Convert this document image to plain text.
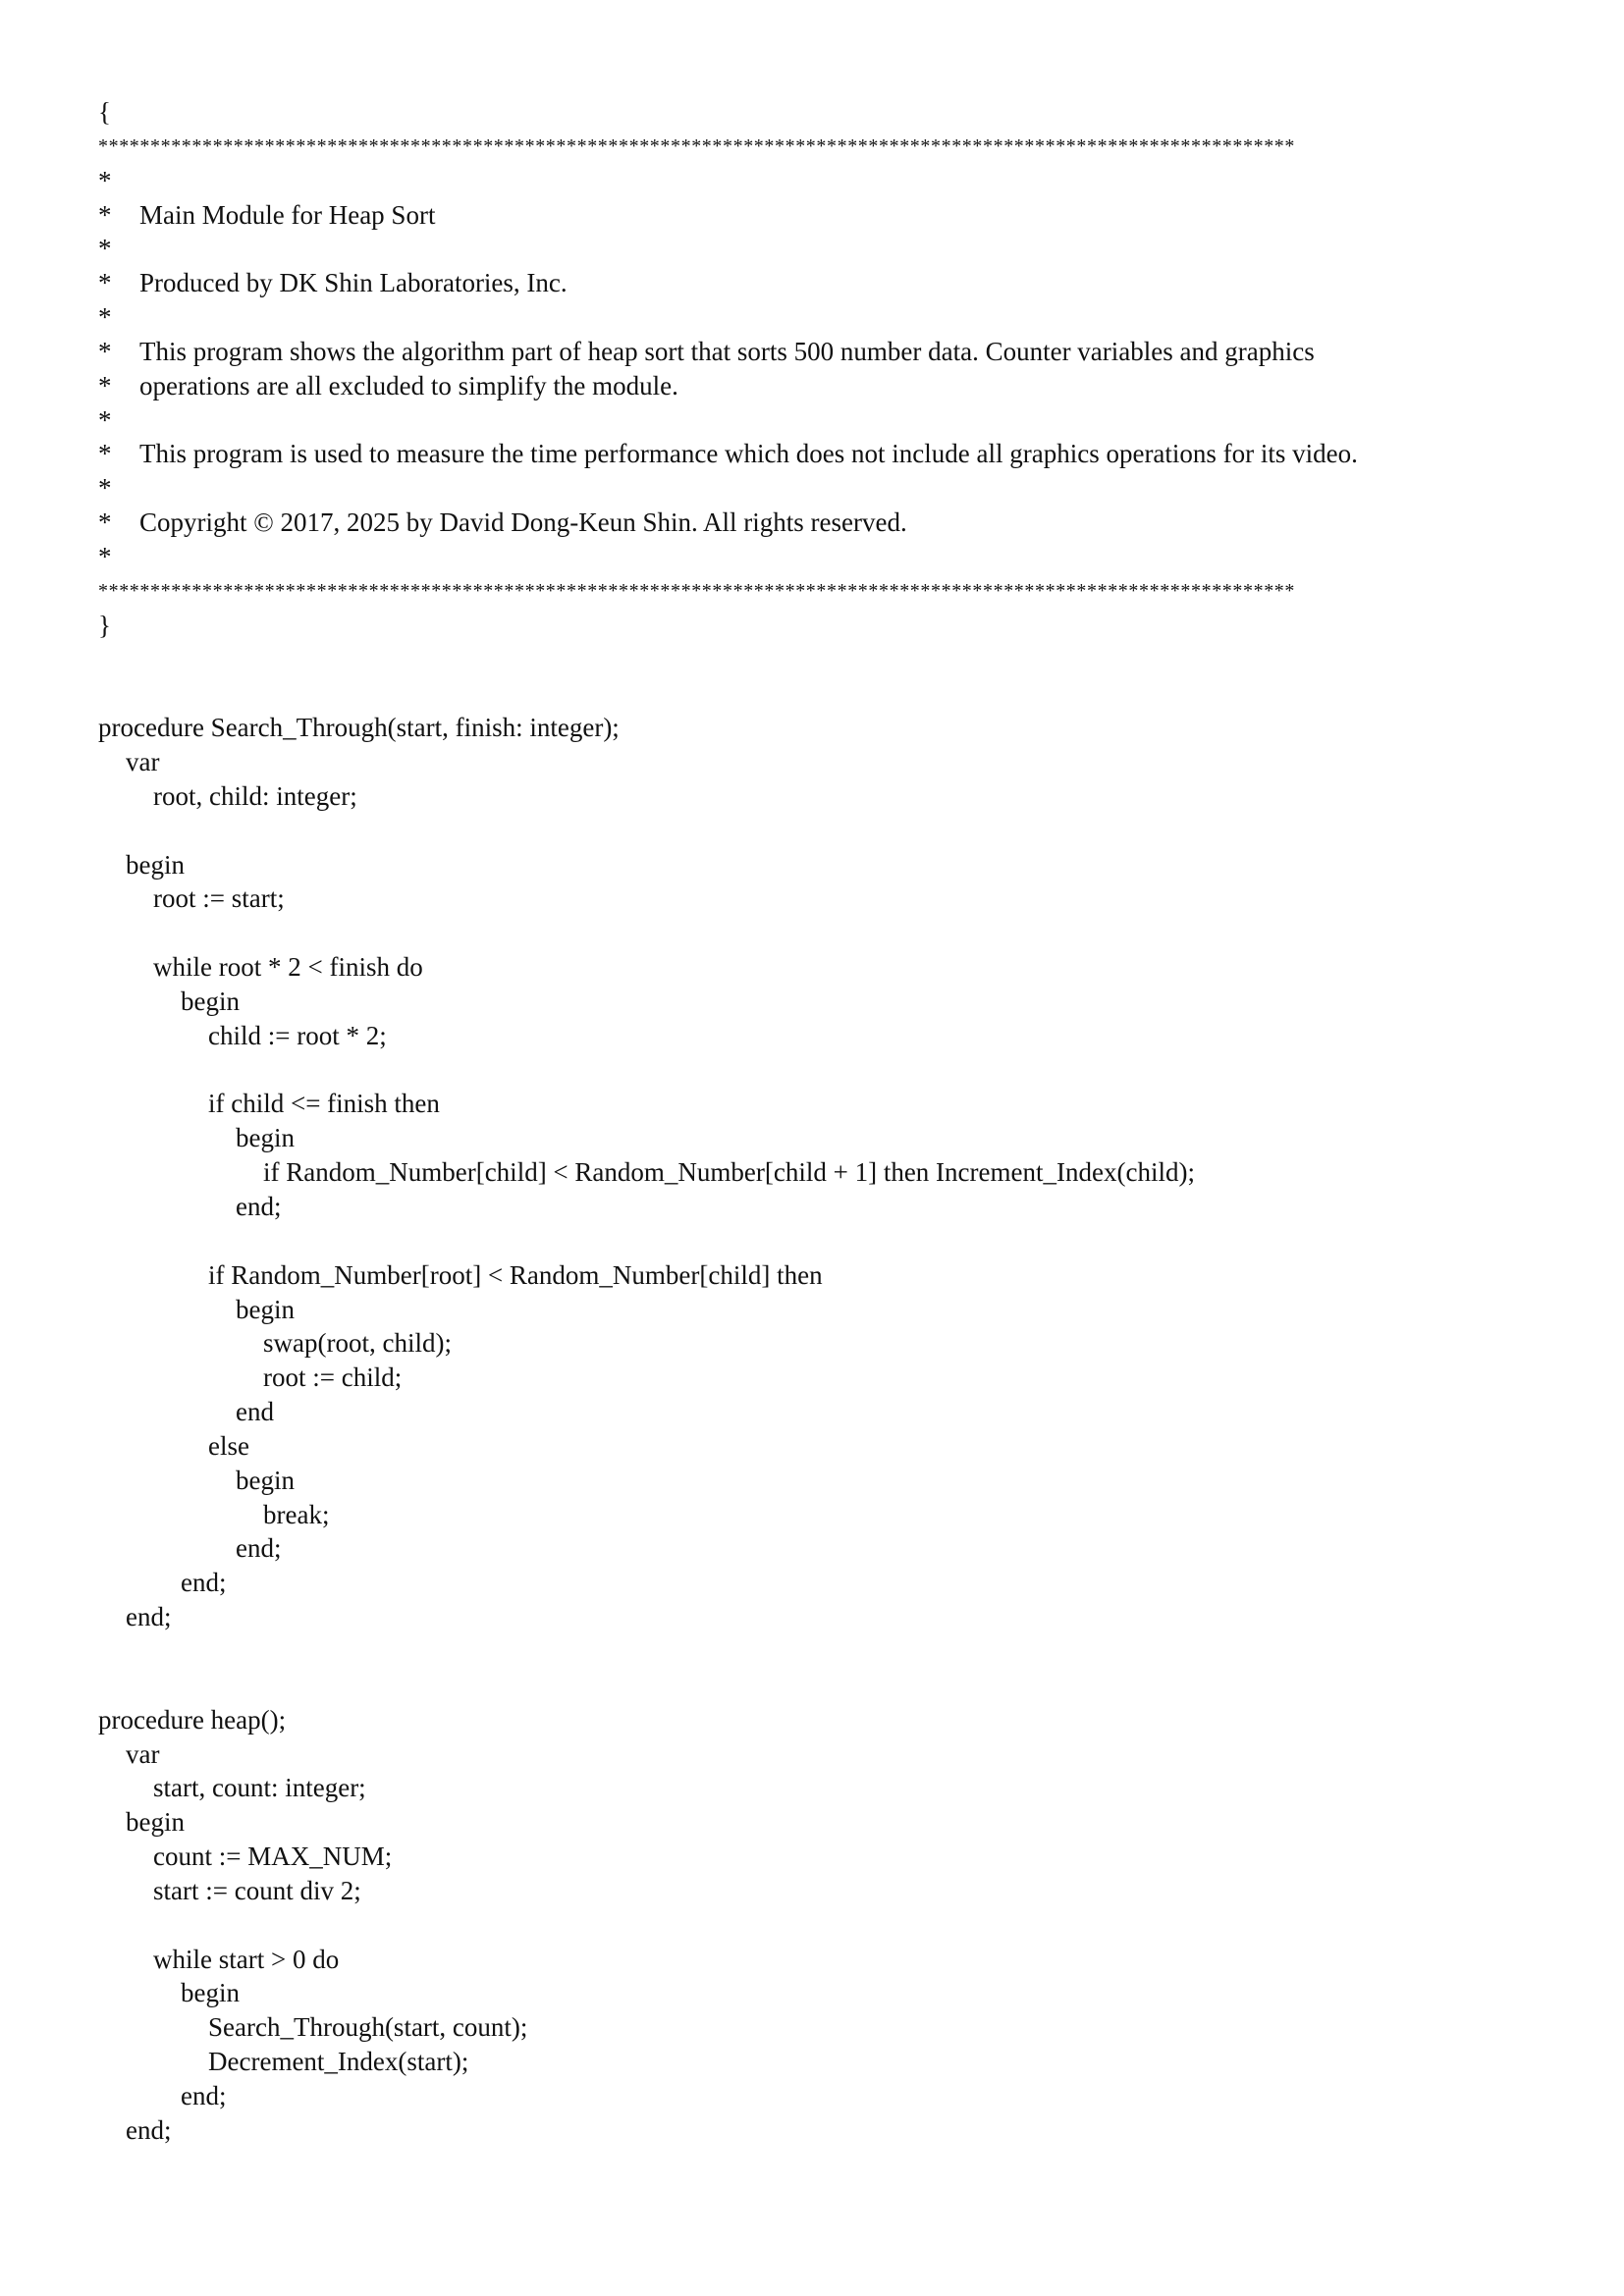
{
*******************************************************************************************************************
*
* Main Module for Heap Sort
*
* Produced by DK Shin Laboratories, Inc.
*
* This program shows the algorithm part of heap sort that sorts 500 number data. Counter variables and graphics
* operations are all excluded to simplify the module.
*
* This program is used to measure the time performance which does not include all graphics operations for its video.
*
* Copyright © 2017, 2025 by David Dong-Keun Shin. All rights reserved.
*
*******************************************************************************************************************
}
procedure Search_Through(start, finish: integer);
var
root, child: integer;
begin
root := start;
while root * 2 < finish do
begin
child := root * 2;
if child <= finish then
begin
if Random_Number[child] < Random_Number[child + 1] then Increment_Index(child);
end;
if Random_Number[root] < Random_Number[child] then
begin
swap(root, child);
root := child;
end
else
begin
break;
end;
end;
end;
procedure heap();
var
start, count: integer;
begin
count := MAX_NUM;
start := count div 2;
while start > 0 do
begin
Search_Through(start, count);
Decrement_Index(start);
end;
end;
